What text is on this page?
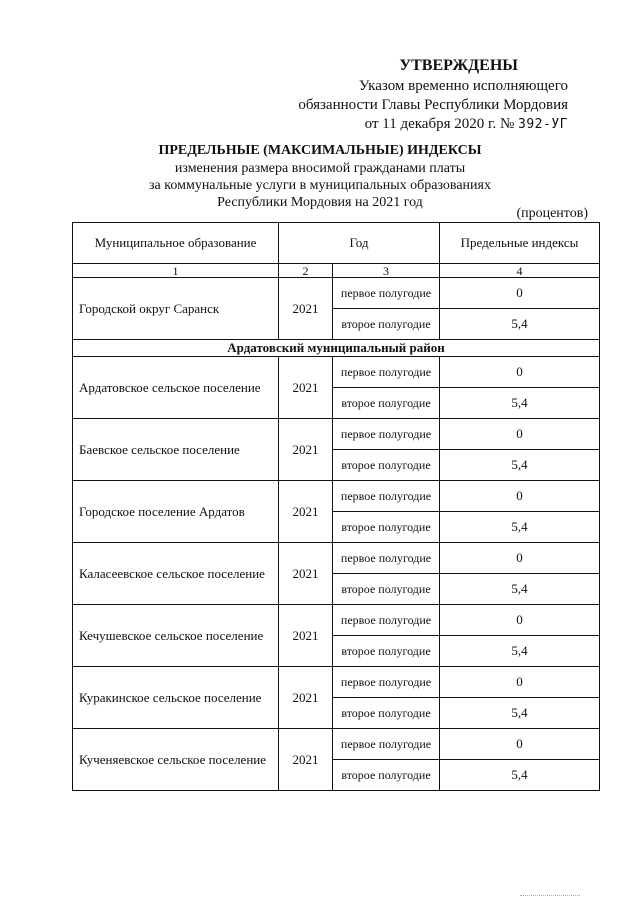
УТВЕРЖДЕНЫ
Указом временно исполняющего
обязанности Главы Республики Мордовия
от 11 декабря 2020 г. № 392-УГ
ПРЕДЕЛЬНЫЕ (МАКСИМАЛЬНЫЕ) ИНДЕКСЫ
изменения размера вносимой гражданами платы
за коммунальные услуги в муниципальных образованиях
Республики Мордовия на 2021 год
(процентов)
Муниципальное образование	Год		Предельные индексы
1	2	3	4
Городской округ Саранск	2021	первое полугодие	0
		второе полугодие	5,4
Ардатовский муниципальный район			
Ардатовское сельское поселение	2021	первое полугодие	0
		второе полугодие	5,4
Баевское сельское поселение	2021	первое полугодие	0
		второе полугодие	5,4
Городское поселение Ардатов	2021	первое полугодие	0
		второе полугодие	5,4
Каласеевское сельское поселение	2021	первое полугодие	0
		второе полугодие	5,4
Кечушевское сельское поселение	2021	первое полугодие	0
		второе полугодие	5,4
Куракинское сельское поселение	2021	первое полугодие	0
		второе полугодие	5,4
Кученяевское сельское поселение	2021	первое полугодие	0
		второе полугодие	5,4
